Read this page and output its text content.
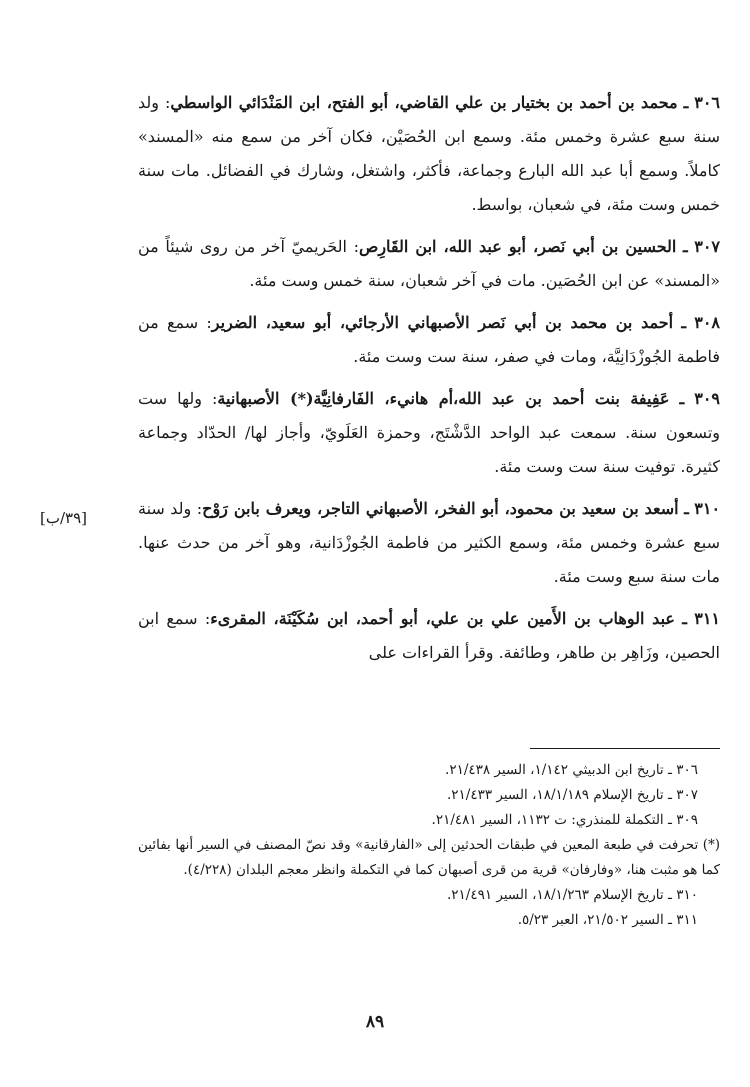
٣٠٦ ـ محمد بن أحمد بن بختيار بن علي القاضي، أبو الفتح، ابن المَنْدَائي الواسطي: ولد سنة سبع عشرة وخمس مئة. وسمع ابن الحُصَيْن، فكان آخر من سمع منه «المسند» كاملاً. وسمع أبا عبد الله البارع وجماعة، فأكثر، واشتغل، وشارك في الفضائل. مات سنة خمس وست مئة، في شعبان، بواسط.

٣٠٧ ـ الحسين بن أبي نَصر، أبو عبد الله، ابن القَارِص: الحَريميّ آخر من روى شيئاً من «المسند» عن ابن الحُصَين. مات في آخر شعبان، سنة خمس وست مئة.

٣٠٨ ـ أحمد بن محمد بن أبي نَصر الأصبهاني الأرجائي، أبو سعيد، الضرير: سمع من فاطمة الجُوزْدَانِيَّة، ومات في صفر، سنة ست وست مئة.

٣٠٩ ـ عَفِيفة بنت أحمد بن عبد الله،أم هانيء، الفَارفانِيَّة(*) الأصبهانية: ولها ست وتسعون سنة. سمعت عبد الواحد الدَّشْتَج، وحمزة العَلَويّ، وأجاز لها/ الحدّاد وجماعة كثيرة. توفيت سنة ست وست مئة.

٣١٠ ـ أسعد بن سعيد بن محمود، أبو الفخر، الأصبهاني التاجر، ويعرف بابن رَوْح: ولد سنة سبع عشرة وخمس مئة، وسمع الكثير من فاطمة الجُوزْدَانية، وهو آخر من حدث عنها. مات سنة سبع وست مئة.

٣١١ ـ عبد الوهاب بن الأَمين علي بن علي، أبو أحمد، ابن سُكَيْنَة، المقرىء: سمع ابن الحصين، وزَاهِر بن طاهر، وطائفة. وقرأ القراءات على

[٣٩/ب]

٣٠٦ ـ تاريخ ابن الدبيثي ١/١٤٢، السير ٢١/٤٣٨.

٣٠٧ ـ تاريخ الإسلام ١٨/١/١٨٩، السير ٢١/٤٣٣.

٣٠٩ ـ التكملة للمنذري: ت ١١٣٢، السير ٢١/٤٨١.

(*) تحرفت في طبعة المعين في طبقات الحدثين إلى «الفارقانية» وقد نصّ المصنف في السير أنها بفائين كما هو مثبت هنا، «وفارفان» قرية من قرى أصبهان كما في التكملة وانظر معجم البلدان (٤/٢٢٨).

٣١٠ ـ تاريخ الإسلام ١٨/١/٢٦٣، السير ٢١/٤٩١.

٣١١ ـ السير ٢١/٥٠٢، العبر ٥/٢٣.

٨٩
